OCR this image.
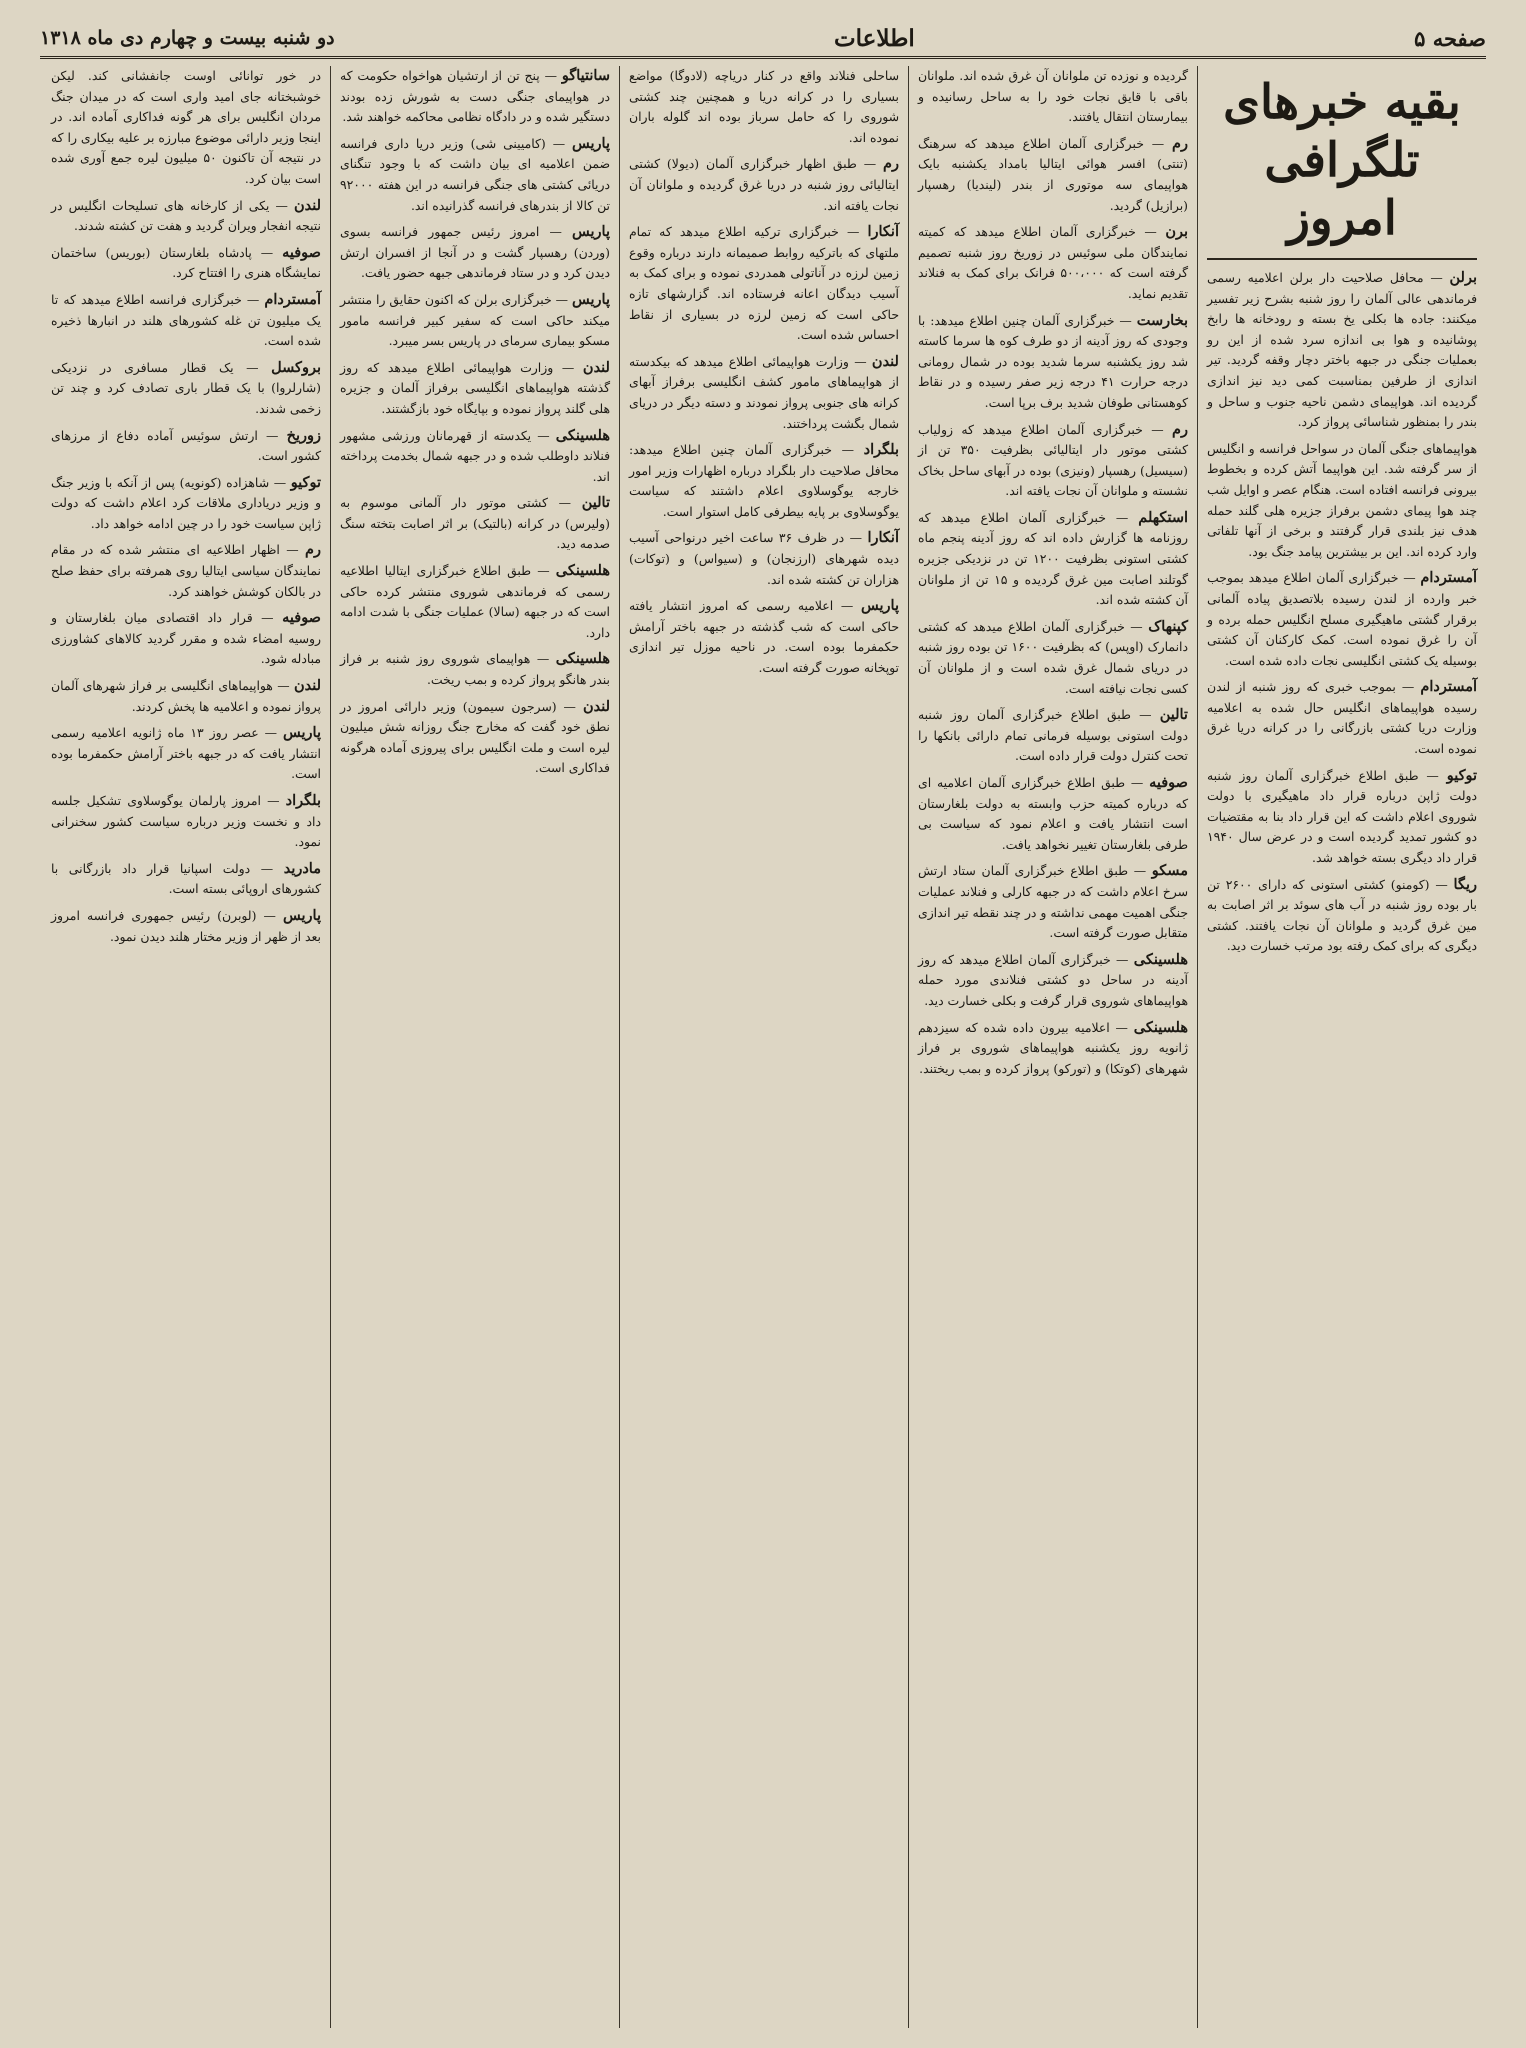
صفحه ۵
اطلاعات
دو شنبه بیست و چهارم دی ماه ۱۳۱۸
بقیه خبرهای تلگرافی امروز

برلن — محافل صلاحیت دار برلن اعلامیه رسمی فرماندهی عالی آلمان را روز شنبه بشرح زیر تفسیر میکنند: جاده ها بکلی یخ بسته و رودخانه ها رابخ پوشانیده و هوا بی اندازه سرد شده از این رو بعملیات جنگی در جبهه باختر دچار وقفه گردید. تیر اندازی از طرفین بمناسبت کمی دید نیز اندازی گردیده اند. هواپیمای دشمن ناحیه جنوب و ساحل و بندر را بمنظور شناسائی پرواز کرد.

هواپیماهای جنگی آلمان در سواحل فرانسه و انگلیس از سر گرفته شد. این هواپیما آتش کرده و بخطوط بیرونی فرانسه افتاده است. هنگام عصر و اوایل شب چند هوا پیمای دشمن برفراز جزیره هلی گلند حمله هدف نیز بلندی قرار گرفتند و برخی از آنها تلفاتی وارد کرده اند. این بر بیشترین پیامد جنگ بود.

آمستردام — خبرگزاری آلمان اطلاع میدهد بموجب خبر وارده از لندن رسیده بلاتصدیق پیاده آلمانی برقرار گشتی ماهیگیری مسلح انگلیس حمله برده و آن را غرق نموده است. کمک کارکنان آن کشتی بوسیله یک کشتی انگلیسی نجات داده شده است.

آمستردام — بموجب خبری که روز شنبه از لندن رسیده هواپیماهای انگلیس حال شده به اعلامیه وزارت دریا کشتی بازرگانی را در کرانه دریا غرق نموده است.

توکیو — طبق اطلاع خبرگزاری آلمان روز شنبه دولت ژاپن درباره قرار داد ماهیگیری با دولت شوروی اعلام داشت که این قرار داد بنا به مقتضیات دو کشور تمدید گردیده است و در عرض سال ۱۹۴۰ قرار داد دیگری بسته خواهد شد.

ریگا — (کومنو) کشتی استونی که دارای ۲۶۰۰ تن بار بوده روز شنبه در آب های سوئد بر اثر اصابت به مین غرق گردید و ملوانان آن نجات یافتند. کشتی دیگری که برای کمک رفته بود مرتب خسارت دید.

گردیده و نوزده تن ملوانان آن غرق شده اند. ملوانان باقی با قایق نجات خود را به ساحل رسانیده و بیمارستان انتقال یافتند.

رم — خبرگزاری آلمان اطلاع میدهد که سرهنگ (تنتی) افسر هوائی ایتالیا بامداد یکشنبه بایک هواپیمای سه موتوری از بندر (لیندیا) رهسپار (برازیل) گردید.

برن — خبرگزاری آلمان اطلاع میدهد که کمیته نمایندگان ملی سوئیس در زوریخ روز شنبه تصمیم گرفته است که ۵۰۰،۰۰۰ فرانک برای کمک به فنلاند تقدیم نماید.

بخارست — خبرگزاری آلمان چنین اطلاع میدهد: با وجودی که روز آدینه از دو طرف کوه ها سرما کاسته شد روز یکشنبه سرما شدید بوده در شمال رومانی درجه حرارت ۴۱ درجه زیر صفر رسیده و در نقاط کوهستانی طوفان شدید برف برپا است.

رم — خبرگزاری آلمان اطلاع میدهد که زولیاب کشتی موتور دار ایتالیائی بظرفیت ۳۵۰ تن از (سیسیل) رهسپار (ونیزی) بوده در آبهای ساحل بخاک نشسته و ملوانان آن نجات یافته اند.

استکهلم — خبرگزاری آلمان اطلاع میدهد که روزنامه ها گزارش داده اند که روز آدینه پنجم ماه کشتی استونی بظرفیت ۱۲۰۰ تن در نزدیکی جزیره گوتلند اصابت مین غرق گردیده و ۱۵ تن از ملوانان آن کشته شده اند.

کپنهاک — خبرگزاری آلمان اطلاع میدهد که کشتی دانمارک (اوپس) که بظرفیت ۱۶۰۰ تن بوده روز شنبه در دریای شمال غرق شده است و از ملوانان آن کسی نجات نیافته است.

تالین — طبق اطلاع خبرگزاری آلمان روز شنبه دولت استونی بوسیله فرمانی تمام دارائی بانکها را تحت کنترل دولت قرار داده است.

صوفیه — طبق اطلاع خبرگزاری آلمان اعلامیه ای که درباره کمیته حزب وابسته به دولت بلغارستان است انتشار یافت و اعلام نمود که سیاست بی طرفی بلغارستان تغییر نخواهد یافت.

مسکو — طبق اطلاع خبرگزاری آلمان ستاد ارتش سرخ اعلام داشت که در جبهه کارلی و فنلاند عملیات جنگی اهمیت مهمی نداشته و در چند نقطه تیر اندازی متقابل صورت گرفته است.

هلسینکی — خبرگزاری آلمان اطلاع میدهد که روز آدینه در ساحل دو کشتی فنلاندی مورد حمله هواپیماهای شوروی قرار گرفت و بکلی خسارت دید.

هلسینکی — اعلامیه بیرون داده شده که سیزدهم ژانویه روز یکشنبه هواپیماهای شوروی بر فراز شهرهای (کوتکا) و (تورکو) پرواز کرده و بمب ریختند.

ساحلی فنلاند واقع در کنار دریاچه (لادوگا) مواضع بسیاری را در کرانه دریا و همچنین چند کشتی شوروی را که حامل سرباز بوده اند گلوله باران نموده اند.

رم — طبق اظهار خبرگزاری آلمان (دیولا) کشتی ایتالیائی روز شنبه در دریا غرق گردیده و ملوانان آن نجات یافته اند.

آنکارا — خبرگزاری ترکیه اطلاع میدهد که تمام ملتهای که باترکیه روابط صمیمانه دارند درباره وقوع زمین لرزه در آناتولی همدردی نموده و برای کمک به آسیب دیدگان اعانه فرستاده اند. گزارشهای تازه حاکی است که زمین لرزه در بسیاری از نقاط احساس شده است.

لندن — وزارت هواپیمائی اطلاع میدهد که بیکدسته از هواپیماهای مامور کشف انگلیسی برفراز آبهای کرانه های جنوبی پرواز نمودند و دسته دیگر در دریای شمال بگشت پرداختند.

بلگراد — خبرگزاری آلمان چنین اطلاع میدهد: محافل صلاحیت دار بلگراد درباره اظهارات وزیر امور خارجه یوگوسلاوی اعلام داشتند که سیاست یوگوسلاوی بر پایه بیطرفی کامل استوار است.

آنکارا — در ظرف ۳۶ ساعت اخیر درنواحی آسیب دیده شهرهای (ارزنجان) و (سیواس) و (توکات) هزاران تن کشته شده اند.

پاریس — اعلامیه رسمی که امروز انتشار یافته حاکی است که شب گذشته در جبهه باختر آرامش حکمفرما بوده است. در ناحیه موزل تیر اندازی توپخانه صورت گرفته است.

سانتیاگو — پنج تن از ارتشیان هواخواه حکومت که در هواپیمای جنگی دست به شورش زده بودند دستگیر شده و در دادگاه نظامی محاکمه خواهند شد.

پاریس — (کامیینی شی) وزیر دریا داری فرانسه ضمن اعلامیه ای بیان داشت که با وجود تنگنای دریائی کشتی های جنگی فرانسه در این هفته ۹۲۰۰۰ تن کالا از بندرهای فرانسه گذرانیده اند.

پاریس — امروز رئیس جمهور فرانسه بسوی (وردن) رهسپار گشت و در آنجا از افسران ارتش دیدن کرد و در ستاد فرماندهی جبهه حضور یافت.

پاریس — خبرگزاری برلن که اکنون حقایق را منتشر میکند حاکی است که سفیر کبیر فرانسه مامور مسکو بیماری سرمای در پاریس بسر میبرد.

لندن — وزارت هواپیمائی اطلاع میدهد که روز گذشته هواپیماهای انگلیسی برفراز آلمان و جزیره هلی گلند پرواز نموده و بپایگاه خود بازگشتند.

هلسینکی — یکدسته از قهرمانان ورزشی مشهور فنلاند داوطلب شده و در جبهه شمال بخدمت پرداخته اند.

تالین — کشتی موتور دار آلمانی موسوم به (ولیرس) در کرانه (بالتیک) بر اثر اصابت بتخته سنگ صدمه دید.

هلسینکی — طبق اطلاع خبرگزاری ایتالیا اطلاعیه رسمی که فرماندهی شوروی منتشر کرده حاکی است که در جبهه (سالا) عملیات جنگی با شدت ادامه دارد.

هلسینکی — هواپیمای شوروی روز شنبه بر فراز بندر هانگو پرواز کرده و بمب ریخت.

لندن — (سرجون سیمون) وزیر دارائی امروز در نطق خود گفت که مخارج جنگ روزانه شش میلیون لیره است و ملت انگلیس برای پیروزی آماده هرگونه فداکاری است.

در خور توانائی اوست جانفشانی کند. لیکن خوشبختانه جای امید واری است که در میدان جنگ مردان انگلیس برای هر گونه فداکاری آماده اند. در اینجا وزیر دارائی موضوع مبارزه بر علیه بیکاری را که در نتیجه آن تاکنون ۵۰ میلیون لیره جمع آوری شده است بیان کرد.

لندن — یکی از کارخانه های تسلیحات انگلیس در نتیجه انفجار ویران گردید و هفت تن کشته شدند.

صوفیه — پادشاه بلغارستان (بوریس) ساختمان نمایشگاه هنری را افتتاح کرد.

آمستردام — خبرگزاری فرانسه اطلاع میدهد که تا یک میلیون تن غله کشورهای هلند در انبارها ذخیره شده است.

بروکسل — یک قطار مسافری در نزدیکی (شارلروا) با یک قطار باری تصادف کرد و چند تن زخمی شدند.

زوریخ — ارتش سوئیس آماده دفاع از مرزهای کشور است.

توکیو — شاهزاده (کونویه) پس از آنکه با وزیر جنگ و وزیر دریاداری ملاقات کرد اعلام داشت که دولت ژاپن سیاست خود را در چین ادامه خواهد داد.

رم — اظهار اطلاعیه ای منتشر شده که در مقام نمایندگان سیاسی ایتالیا روی همرفته برای حفظ صلح در بالکان کوشش خواهند کرد.

صوفیه — قرار داد اقتصادی میان بلغارستان و روسیه امضاء شده و مقرر گردید کالاهای کشاورزی مبادله شود.

لندن — هواپیماهای انگلیسی بر فراز شهرهای آلمان پرواز نموده و اعلامیه ها پخش کردند.

پاریس — عصر روز ۱۳ ماه ژانویه اعلامیه رسمی انتشار یافت که در جبهه باختر آرامش حکمفرما بوده است.

بلگراد — امروز پارلمان یوگوسلاوی تشکیل جلسه داد و نخست وزیر درباره سیاست کشور سخنرانی نمود.

مادرید — دولت اسپانیا قرار داد بازرگانی با کشورهای اروپائی بسته است.

پاریس — (لوبرن) رئیس جمهوری فرانسه امروز بعد از ظهر از وزیر مختار هلند دیدن نمود.
